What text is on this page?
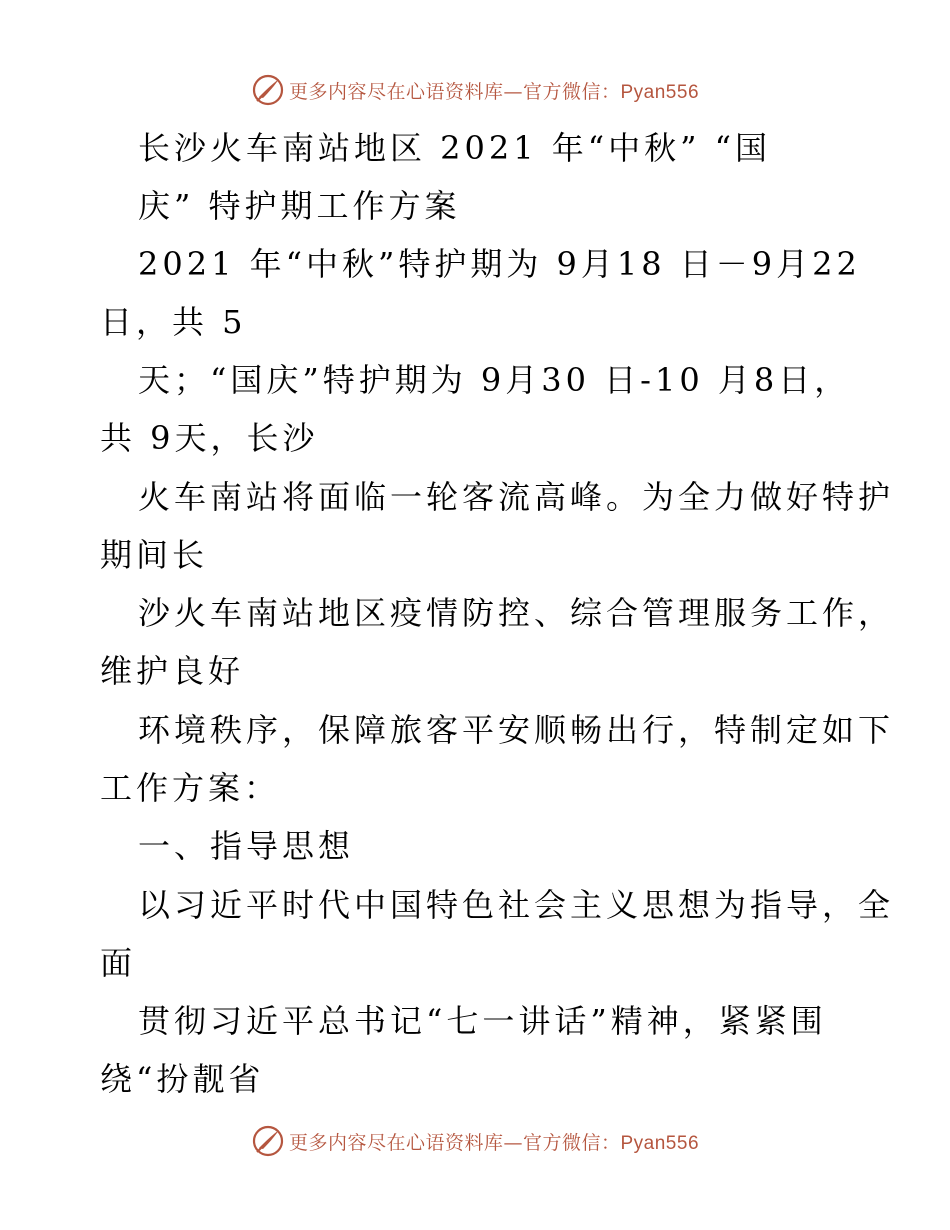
更多内容尽在心语资料库—官方微信：Pyan556
长沙火车南站地区 2021 年“中秋” “国
庆” 特护期工作方案
2021 年“中秋”特护期为 9月18 日－9月22
日，共 5
天；“国庆”特护期为 9月30 日-10 月8日，
共 9天，长沙
火车南站将面临一轮客流高峰。为全力做好特护
期间长
沙火车南站地区疫情防控、综合管理服务工作，
维护良好
环境秩序，保障旅客平安顺畅出行，特制定如下
工作方案：
一、指导思想
以习近平时代中国特色社会主义思想为指导，全
面
贯彻习近平总书记“七一讲话”精神，紧紧围
绕“扮靓省
更多内容尽在心语资料库—官方微信：Pyan556
